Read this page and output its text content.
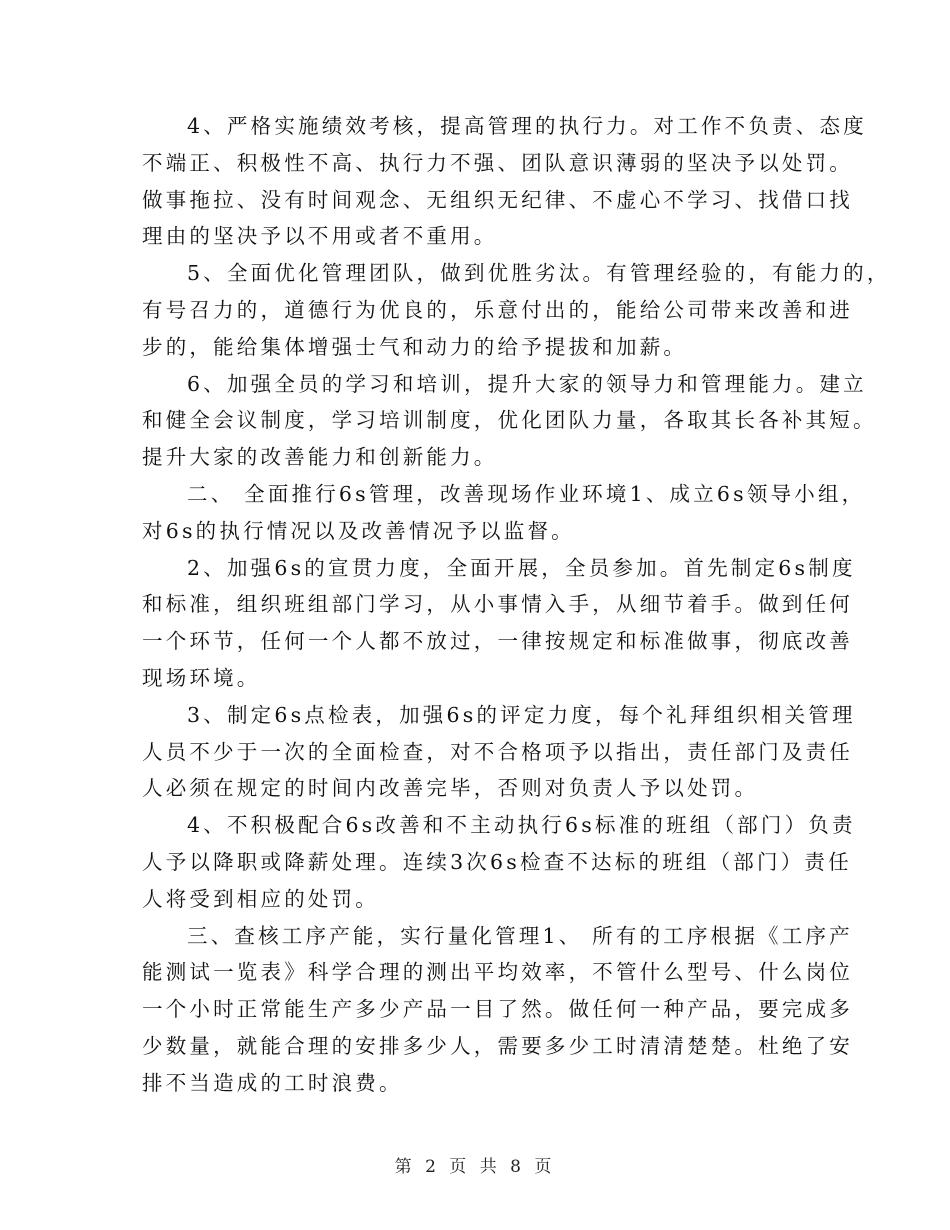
4、严格实施绩效考核，提高管理的执行力。对工作不负责、态度
不端正、积极性不高、执行力不强、团队意识薄弱的坚决予以处罚。
做事拖拉、没有时间观念、无组织无纪律、不虚心不学习、找借口找
理由的坚决予以不用或者不重用。
5、全面优化管理团队，做到优胜劣汰。有管理经验的，有能力的，
有号召力的，道德行为优良的，乐意付出的，能给公司带来改善和进
步的，能给集体增强士气和动力的给予提拔和加薪。
6、加强全员的学习和培训，提升大家的领导力和管理能力。建立
和健全会议制度，学习培训制度，优化团队力量，各取其长各补其短。
提升大家的改善能力和创新能力。
二、 全面推行6s管理，改善现场作业环境1、成立6s领导小组，
对6s的执行情况以及改善情况予以监督。
2、加强6s的宣贯力度，全面开展，全员参加。首先制定6s制度
和标准，组织班组部门学习，从小事情入手，从细节着手。做到任何
一个环节，任何一个人都不放过，一律按规定和标准做事，彻底改善
现场环境。
3、制定6s点检表，加强6s的评定力度，每个礼拜组织相关管理
人员不少于一次的全面检查，对不合格项予以指出，责任部门及责任
人必须在规定的时间内改善完毕，否则对负责人予以处罚。
4、不积极配合6s改善和不主动执行6s标准的班组（部门）负责
人予以降职或降薪处理。连续3次6s检查不达标的班组（部门）责任
人将受到相应的处罚。
三、查核工序产能，实行量化管理1、 所有的工序根据《工序产
能测试一览表》科学合理的测出平均效率，不管什么型号、什么岗位
一个小时正常能生产多少产品一目了然。做任何一种产品，要完成多
少数量，就能合理的安排多少人，需要多少工时清清楚楚。杜绝了安
排不当造成的工时浪费。
第 2 页 共 8 页
